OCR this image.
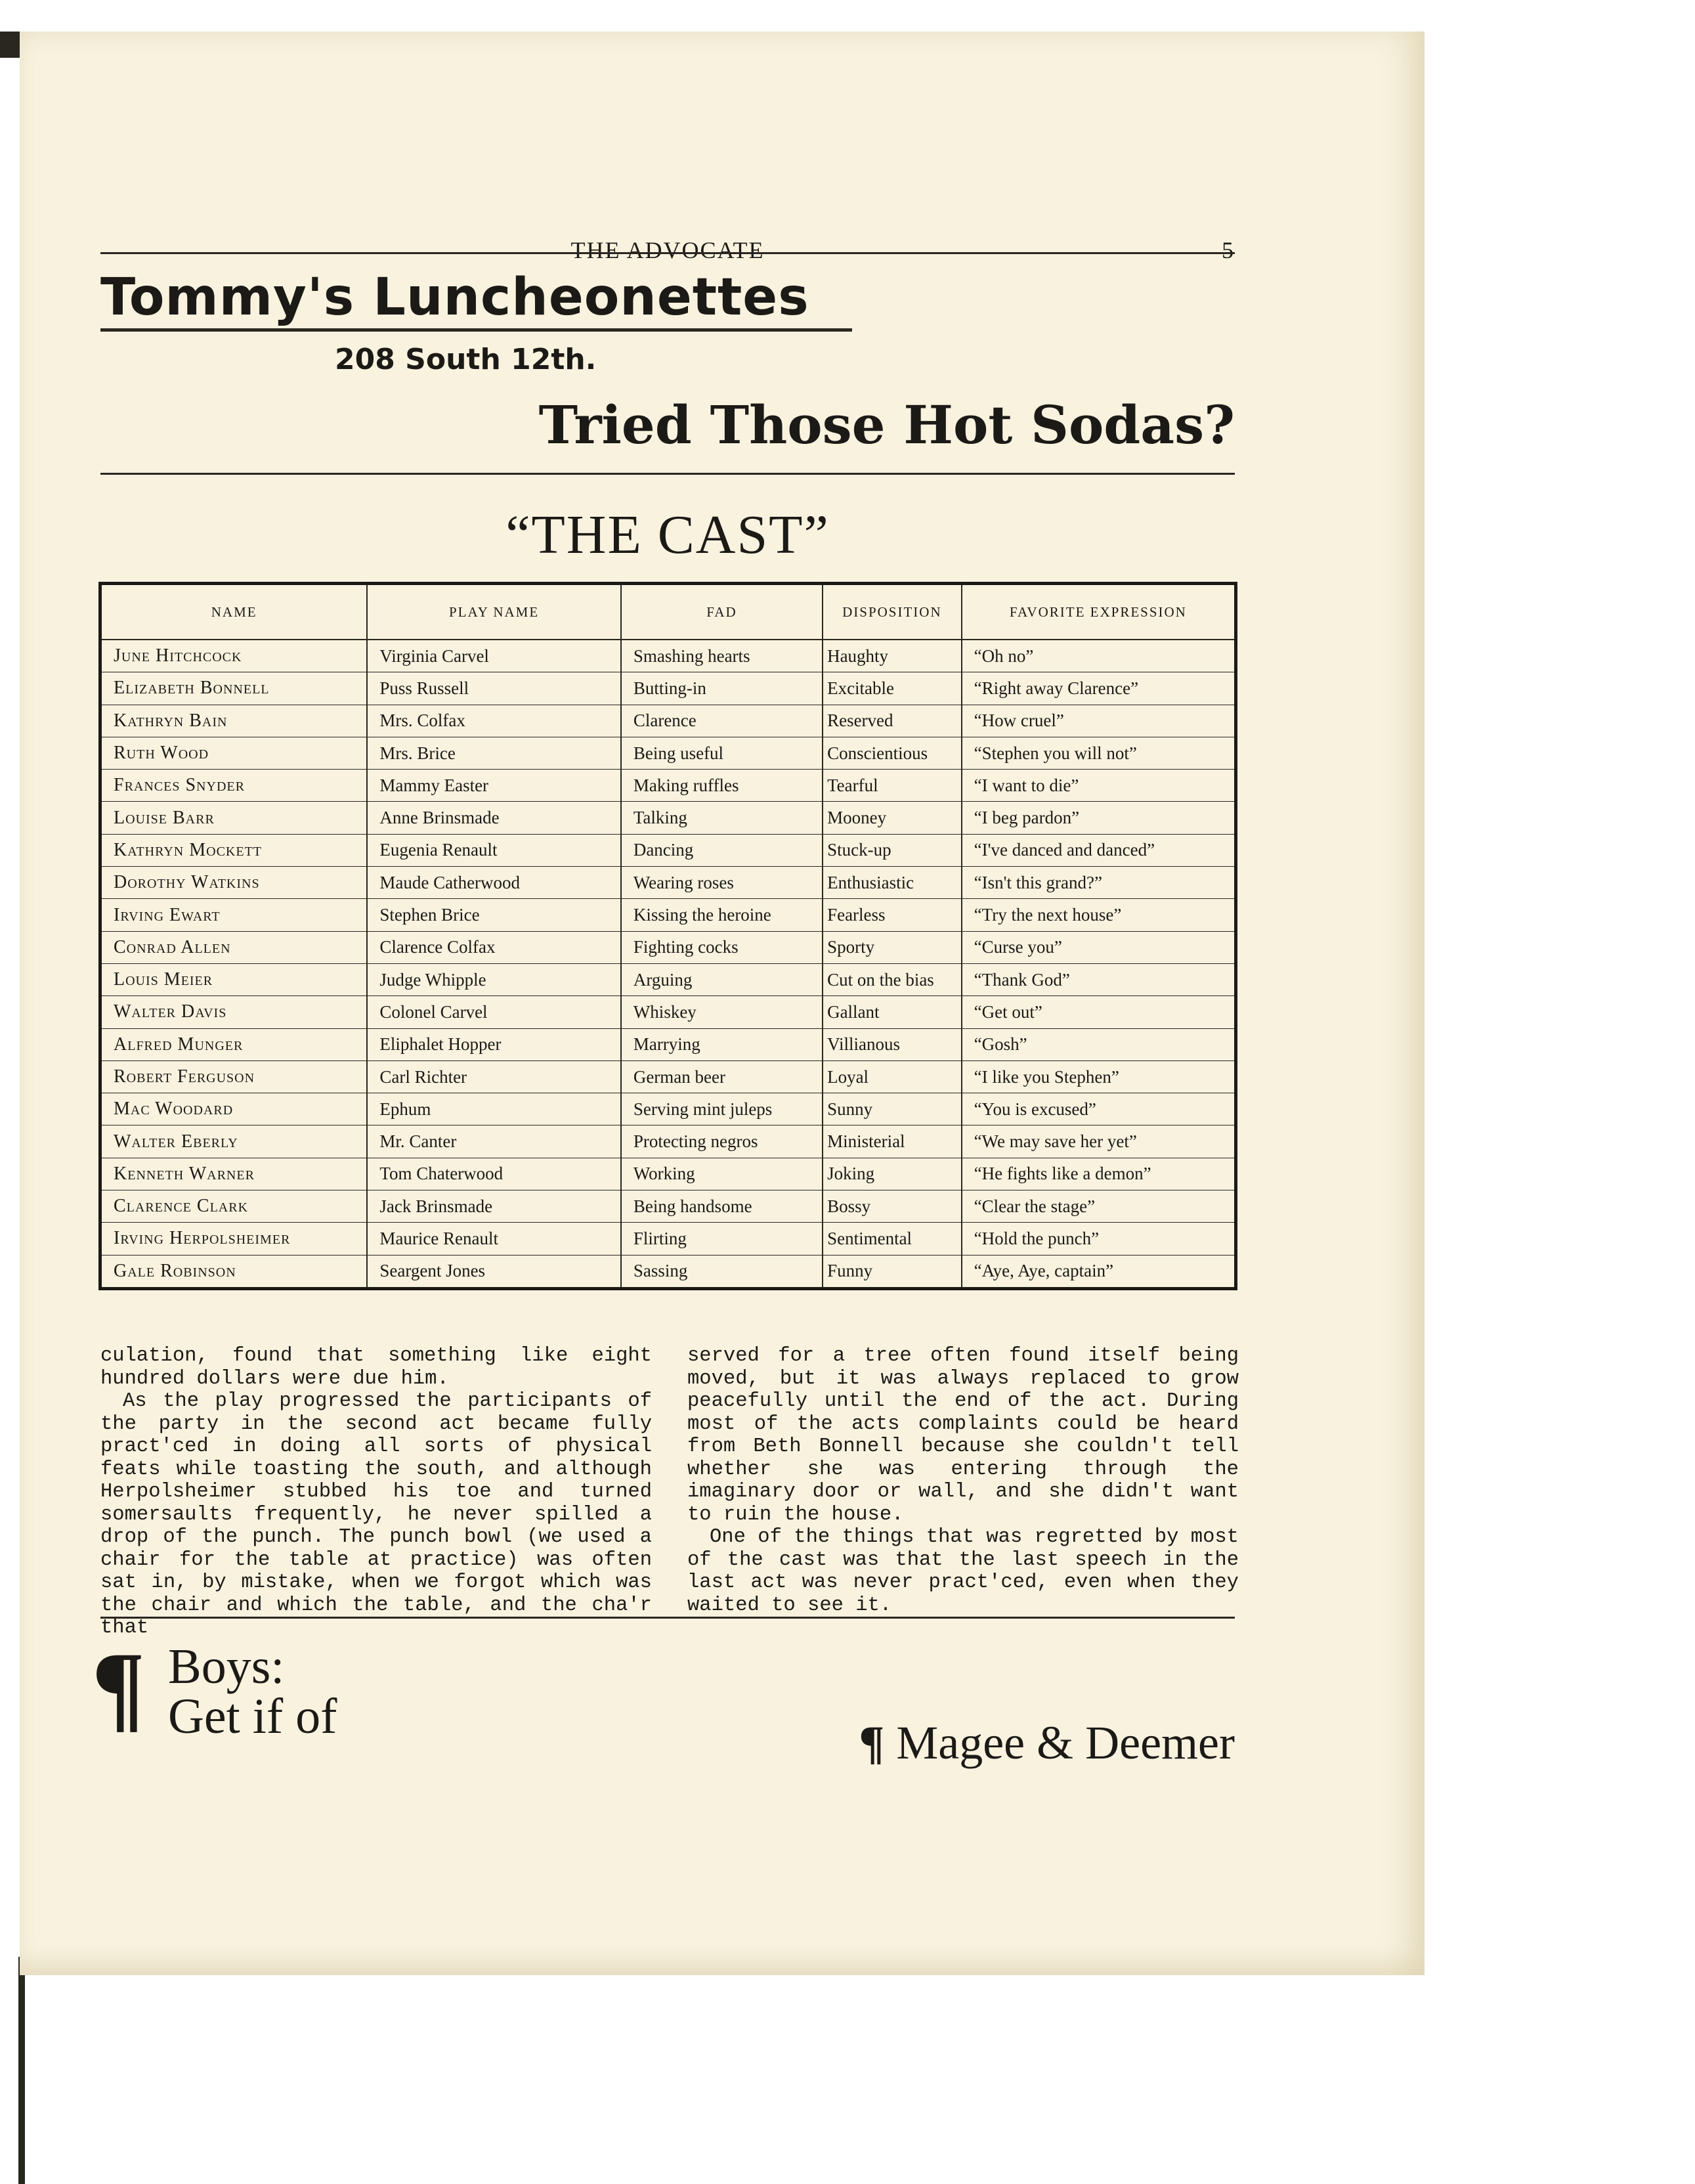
THE ADVOCATE	5
Tommy's Luncheonettes
208 South 12th.
Tried Those Hot Sodas?
“THE CAST”
NAME	PLAY NAME	FAD	DISPOSITION	FAVORITE EXPRESSION
June Hitchcock	Virginia Carvel	Smashing hearts	Haughty	“Oh no”
Elizabeth Bonnell	Puss Russell	Butting-in	Excitable	“Right away Clarence”
Kathryn Bain	Mrs. Colfax	Clarence	Reserved	“How cruel”
Ruth Wood	Mrs. Brice	Being useful	Conscientious	“Stephen you will not”
Frances Snyder	Mammy Easter	Making ruffles	Tearful	“I want to die”
Louise Barr	Anne Brinsmade	Talking	Mooney	“I beg pardon”
Kathryn Mockett	Eugenia Renault	Dancing	Stuck-up	“I've danced and danced”
Dorothy Watkins	Maude Catherwood	Wearing roses	Enthusiastic	“Isn't this grand?”
Irving Ewart	Stephen Brice	Kissing the heroine	Fearless	“Try the next house”
Conrad Allen	Clarence Colfax	Fighting cocks	Sporty	“Curse you”
Louis Meier	Judge Whipple	Arguing	Cut on the bias	“Thank God”
Walter Davis	Colonel Carvel	Whiskey	Gallant	“Get out”
Alfred Munger	Eliphalet Hopper	Marrying	Villianous	“Gosh”
Robert Ferguson	Carl Richter	German beer	Loyal	“I like you Stephen”
Mac Woodard	Ephum	Serving mint juleps	Sunny	“You is excused”
Walter Eberly	Mr. Canter	Protecting negros	Ministerial	“We may save her yet”
Kenneth Warner	Tom Chaterwood	Working	Joking	“He fights like a demon”
Clarence Clark	Jack Brinsmade	Being handsome	Bossy	“Clear the stage”
Irving Herpolsheimer	Maurice Renault	Flirting	Sentimental	“Hold the punch”
Gale Robinson	Seargent Jones	Sassing	Funny	“Aye, Aye, captain”

culation, found that something like eight hundred dollars were due him.

As the play progressed the participants of the party in the second act became fully pract'ced in doing all sorts of physical feats while toasting the south, and although Herpolsheimer stubbed his toe and turned somersaults frequently, he never spilled a drop of the punch. The punch bowl (we used a chair for the table at practice) was often sat in, by mistake, when we forgot which was the chair and which the table, and the cha'r that

served for a tree often found itself being moved, but it was always replaced to grow peacefully until the end of the act. During most of the acts complaints could be heard from Beth Bonnell because she couldn't tell whether she was entering through the imaginary door or wall, and she didn't want to ruin the house.

One of the things that was regretted by most of the cast was that the last speech in the last act was never pract'ced, even when they waited to see it.

¶ Boys:
Get if of	¶ Magee & Deemer
